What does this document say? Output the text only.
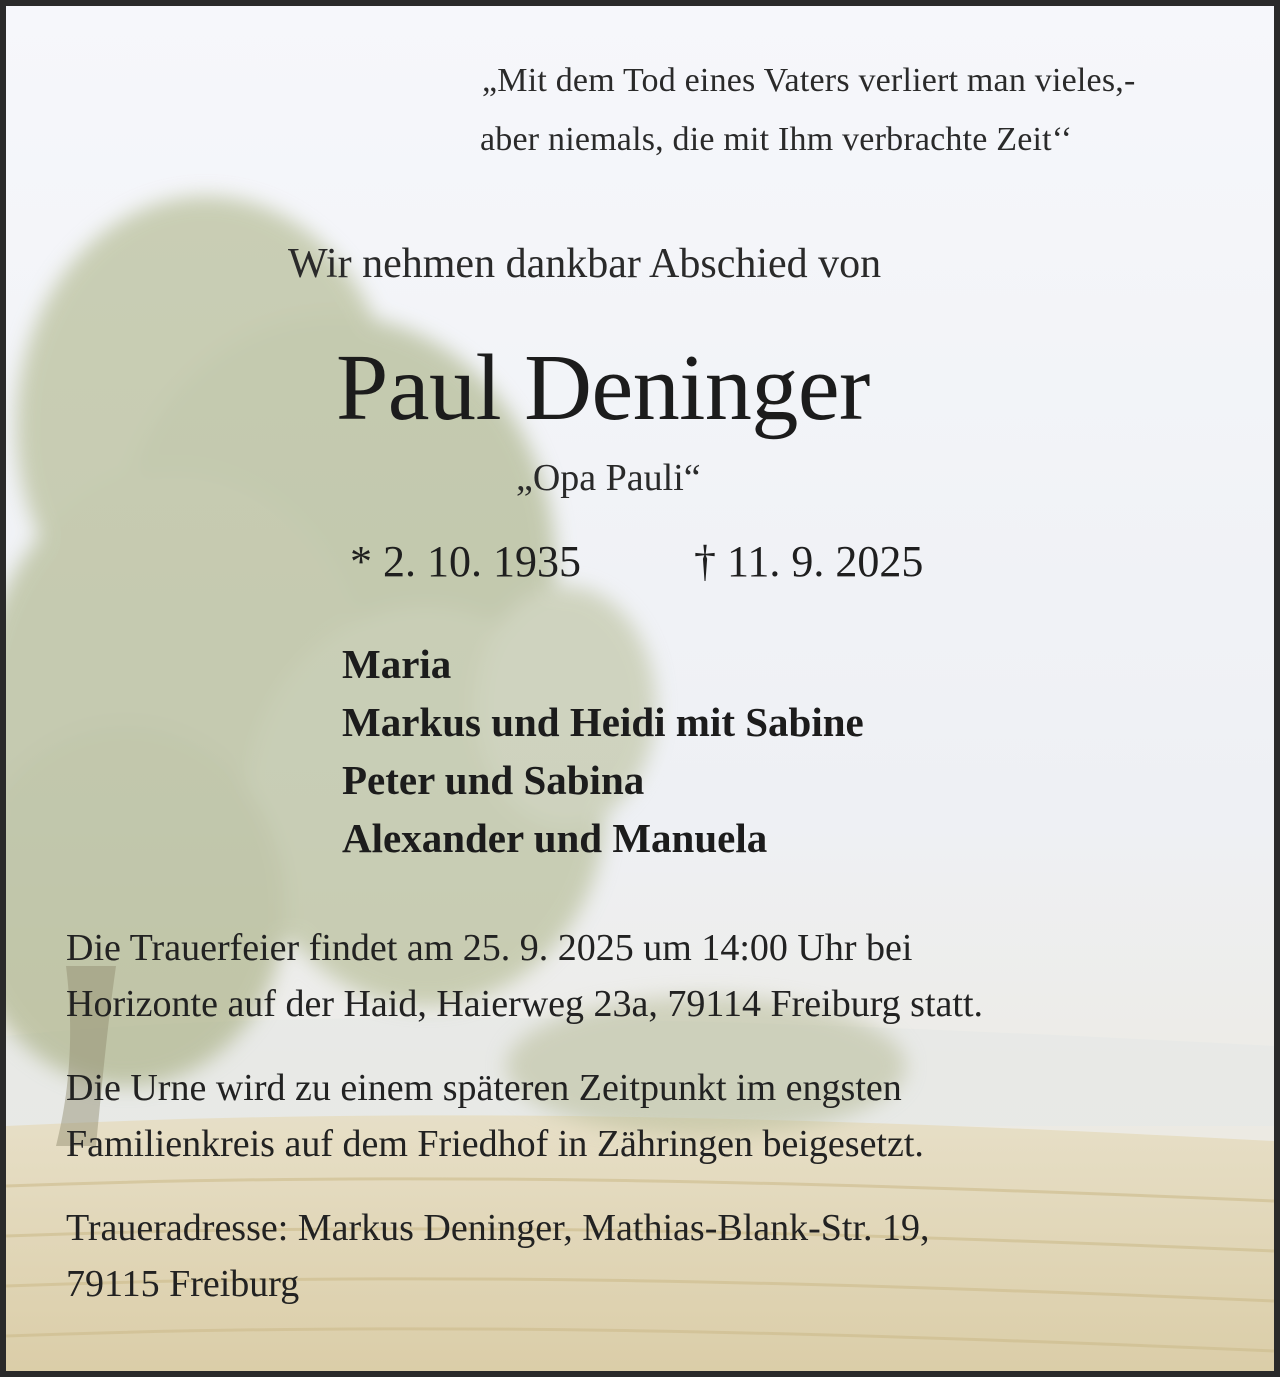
„Mit dem Tod eines Vaters verliert man vieles,-
aber niemals, die mit Ihm verbrachte Zeit‘‘
Wir nehmen dankbar Abschied von
Paul Deninger
„Opa Pauli“
* 2. 10. 1935	† 11. 9. 2025
Maria
Markus und Heidi mit Sabine
Peter und Sabina
Alexander und Manuela
Die Trauerfeier findet am 25. 9. 2025 um 14:00 Uhr bei
Horizonte auf der Haid, Haierweg 23a, 79114 Freiburg statt.
Die Urne wird zu einem späteren Zeitpunkt im engsten
Familienkreis auf dem Friedhof in Zähringen beigesetzt.
Traueradresse: Markus Deninger, Mathias-Blank-Str. 19,
79115 Freiburg
